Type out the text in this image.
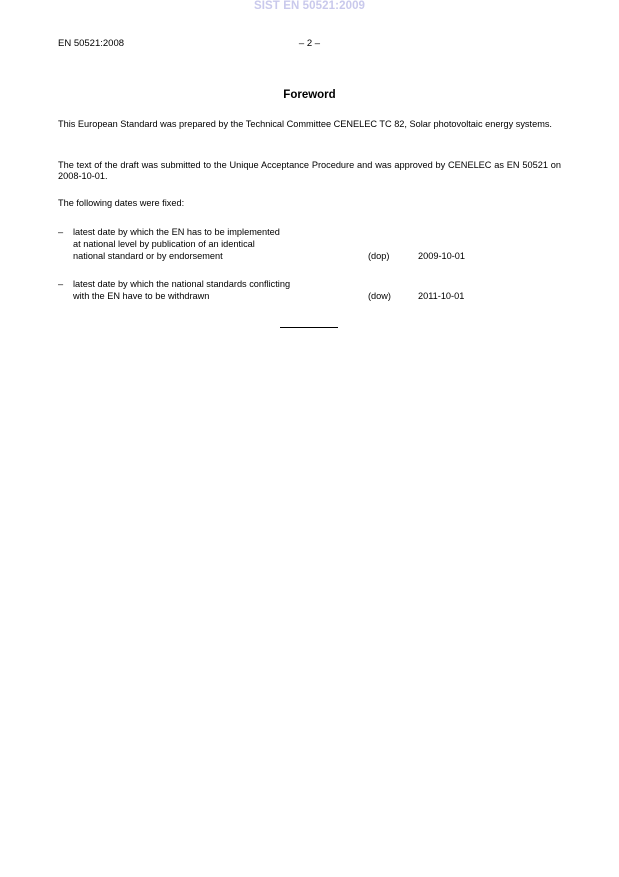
SIST EN 50521:2009
EN 50521:2008	– 2 –
Foreword
This European Standard was prepared by the Technical Committee CENELEC TC 82, Solar photovoltaic energy systems.
The text of the draft was submitted to the Unique Acceptance Procedure and was approved by CENELEC as EN 50521 on 2008-10-01.
The following dates were fixed:
– latest date by which the EN has to be implemented
at national level by publication of an identical
national standard or by endorsement	(dop)	2009-10-01
– latest date by which the national standards conflicting
with the EN have to be withdrawn	(dow)	2011-10-01
